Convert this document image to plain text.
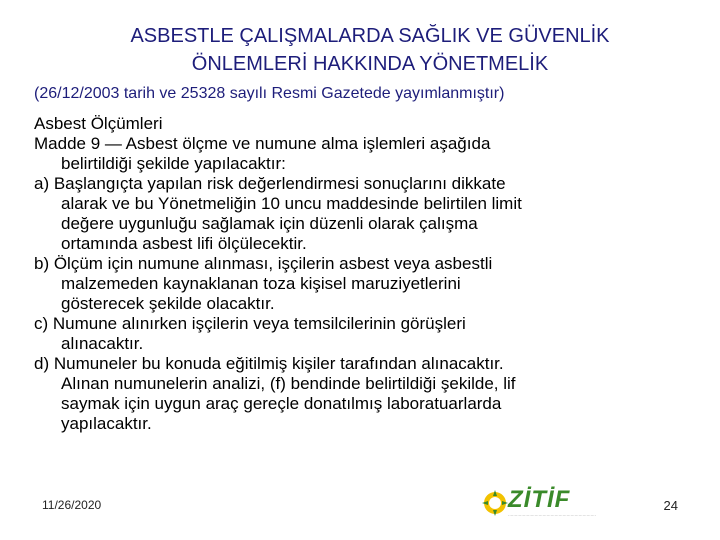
ASBESTLE ÇALIŞMALARDA SAĞLIK VE GÜVENLİK
ÖNLEMLERİ HAKKINDA YÖNETMELİK
(26/12/2003 tarih ve 25328 sayılı Resmi Gazetede yayımlanmıştır)
Asbest Ölçümleri
Madde 9 — Asbest ölçme ve numune alma işlemleri aşağıda
belirtildiği şekilde yapılacaktır:
a) Başlangıçta yapılan risk değerlendirmesi sonuçlarını dikkate
alarak ve bu Yönetmeliğin 10 uncu maddesinde belirtilen limit
değere uygunluğu sağlamak için düzenli olarak çalışma
ortamında asbest lifi ölçülecektir.
b) Ölçüm için numune alınması, işçilerin asbest veya asbestli
malzemeden kaynaklanan toza kişisel maruziyetlerini
gösterecek şekilde olacaktır.
c) Numune alınırken işçilerin veya temsilcilerinin görüşleri
alınacaktır.
d) Numuneler bu konuda eğitilmiş kişiler tarafından alınacaktır.
Alınan numunelerin analizi, (f) bendinde belirtildiği şekilde, lif
saymak için uygun araç gereçle donatılmış laboratuarlarda
yapılacaktır.
11/26/2020	ZİTİF
··································································
24
